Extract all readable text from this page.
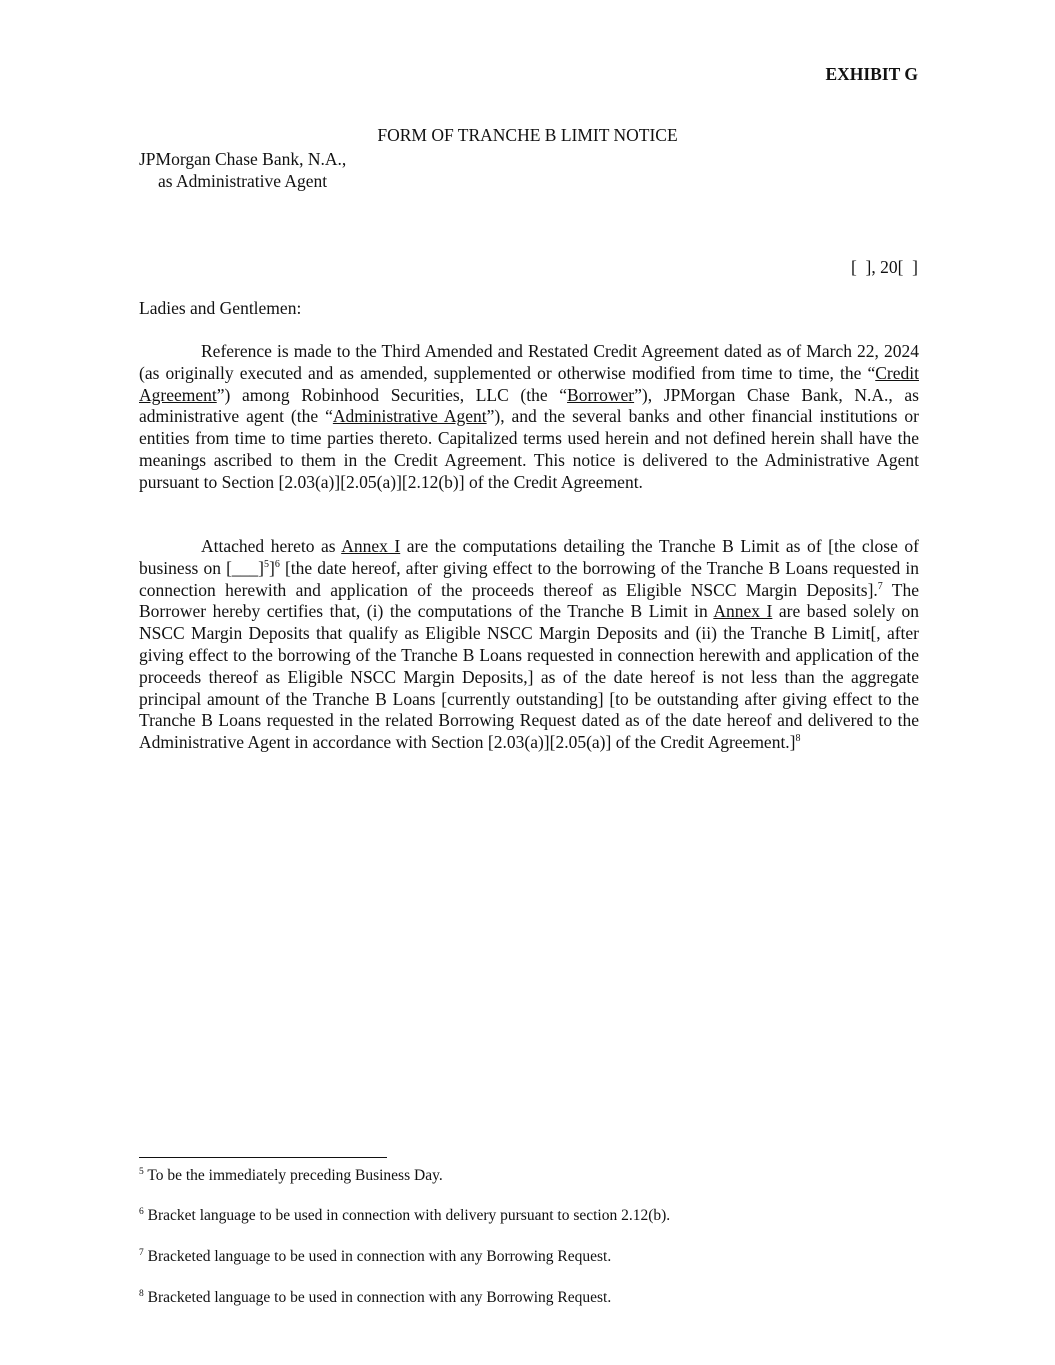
EXHIBIT G
FORM OF TRANCHE B LIMIT NOTICE
JPMorgan Chase Bank, N.A.,
as Administrative Agent
[  ], 20[  ]
Ladies and Gentlemen:
Reference is made to the Third Amended and Restated Credit Agreement dated as of March 22, 2024 (as originally executed and as amended, supplemented or otherwise modified from time to time, the “Credit Agreement”) among Robinhood Securities, LLC (the “Borrower”), JPMorgan Chase Bank, N.A., as administrative agent (the “Administrative Agent”), and the several banks and other financial institutions or entities from time to time parties thereto. Capitalized terms used herein and not defined herein shall have the meanings ascribed to them in the Credit Agreement. This notice is delivered to the Administrative Agent pursuant to Section [2.03(a)][2.05(a)][2.12(b)] of the Credit Agreement.
Attached hereto as Annex I are the computations detailing the Tranche B Limit as of [the close of business on [___]$^5$]$^6$ [the date hereof, after giving effect to the borrowing of the Tranche B Loans requested in connection herewith and application of the proceeds thereof as Eligible NSCC Margin Deposits].$^7$ The Borrower hereby certifies that, (i) the computations of the Tranche B Limit in Annex I are based solely on NSCC Margin Deposits that qualify as Eligible NSCC Margin Deposits and (ii) the Tranche B Limit[, after giving effect to the borrowing of the Tranche B Loans requested in connection herewith and application of the proceeds thereof as Eligible NSCC Margin Deposits,] as of the date hereof is not less than the aggregate principal amount of the Tranche B Loans [currently outstanding] [to be outstanding after giving effect to the Tranche B Loans requested in the related Borrowing Request dated as of the date hereof and delivered to the Administrative Agent in accordance with Section [2.03(a)][2.05(a)] of the Credit Agreement.]$^8$
$^5$ To be the immediately preceding Business Day.
$^6$ Bracket language to be used in connection with delivery pursuant to section 2.12(b).
$^7$ Bracketed language to be used in connection with any Borrowing Request.
$^8$ Bracketed language to be used in connection with any Borrowing Request.
